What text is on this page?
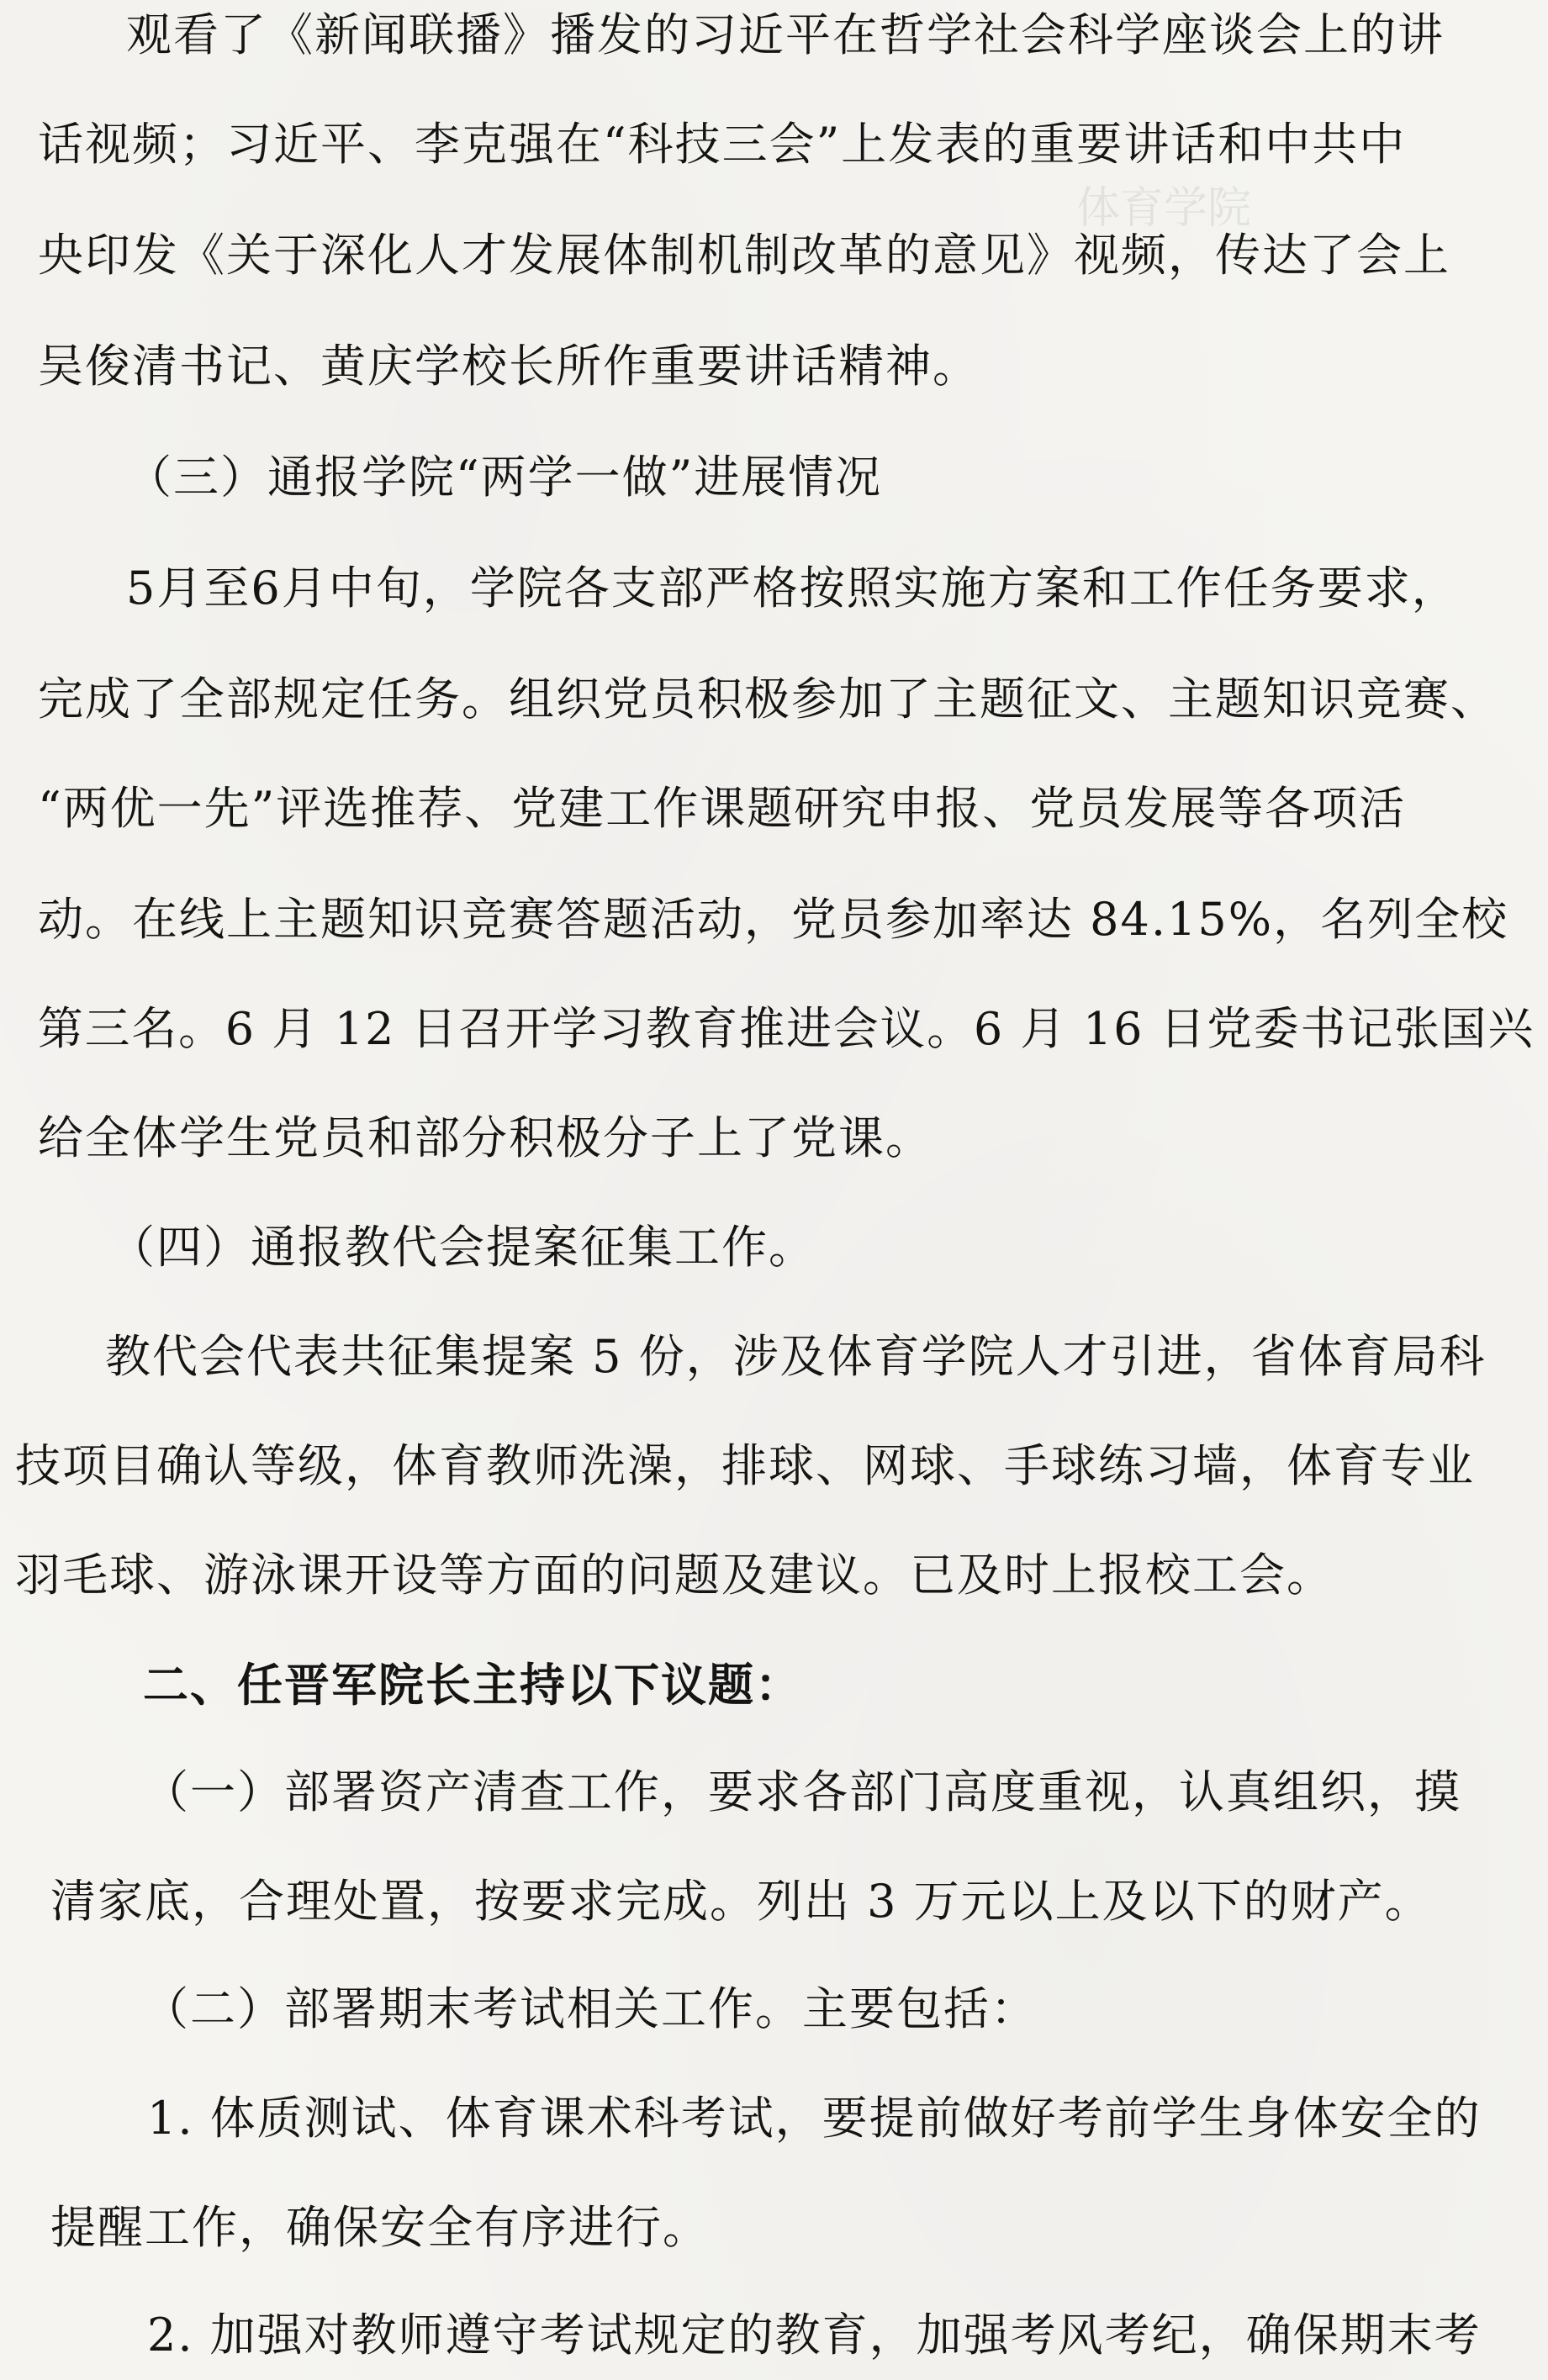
体育学院
观看了《新闻联播》播发的习近平在哲学社会科学座谈会上的讲
话视频；习近平、李克强在“科技三会”上发表的重要讲话和中共中
央印发《关于深化人才发展体制机制改革的意见》视频，传达了会上
吴俊清书记、黄庆学校长所作重要讲话精神。
（三）通报学院“两学一做”进展情况
5月至6月中旬，学院各支部严格按照实施方案和工作任务要求，
完成了全部规定任务。组织党员积极参加了主题征文、主题知识竞赛、
“两优一先”评选推荐、党建工作课题研究申报、党员发展等各项活
动。在线上主题知识竞赛答题活动，党员参加率达 84.15%，名列全校
第三名。6 月 12 日召开学习教育推进会议。6 月 16 日党委书记张国兴
给全体学生党员和部分积极分子上了党课。
（四）通报教代会提案征集工作。
教代会代表共征集提案 5 份，涉及体育学院人才引进，省体育局科
技项目确认等级，体育教师洗澡，排球、网球、手球练习墙，体育专业
羽毛球、游泳课开设等方面的问题及建议。已及时上报校工会。
二、任晋军院长主持以下议题：
（一）部署资产清查工作，要求各部门高度重视，认真组织，摸
清家底，合理处置，按要求完成。列出 3 万元以上及以下的财产。
（二）部署期末考试相关工作。主要包括：
1. 体质测试、体育课术科考试，要提前做好考前学生身体安全的
提醒工作，确保安全有序进行。
2. 加强对教师遵守考试规定的教育，加强考风考纪，确保期末考
